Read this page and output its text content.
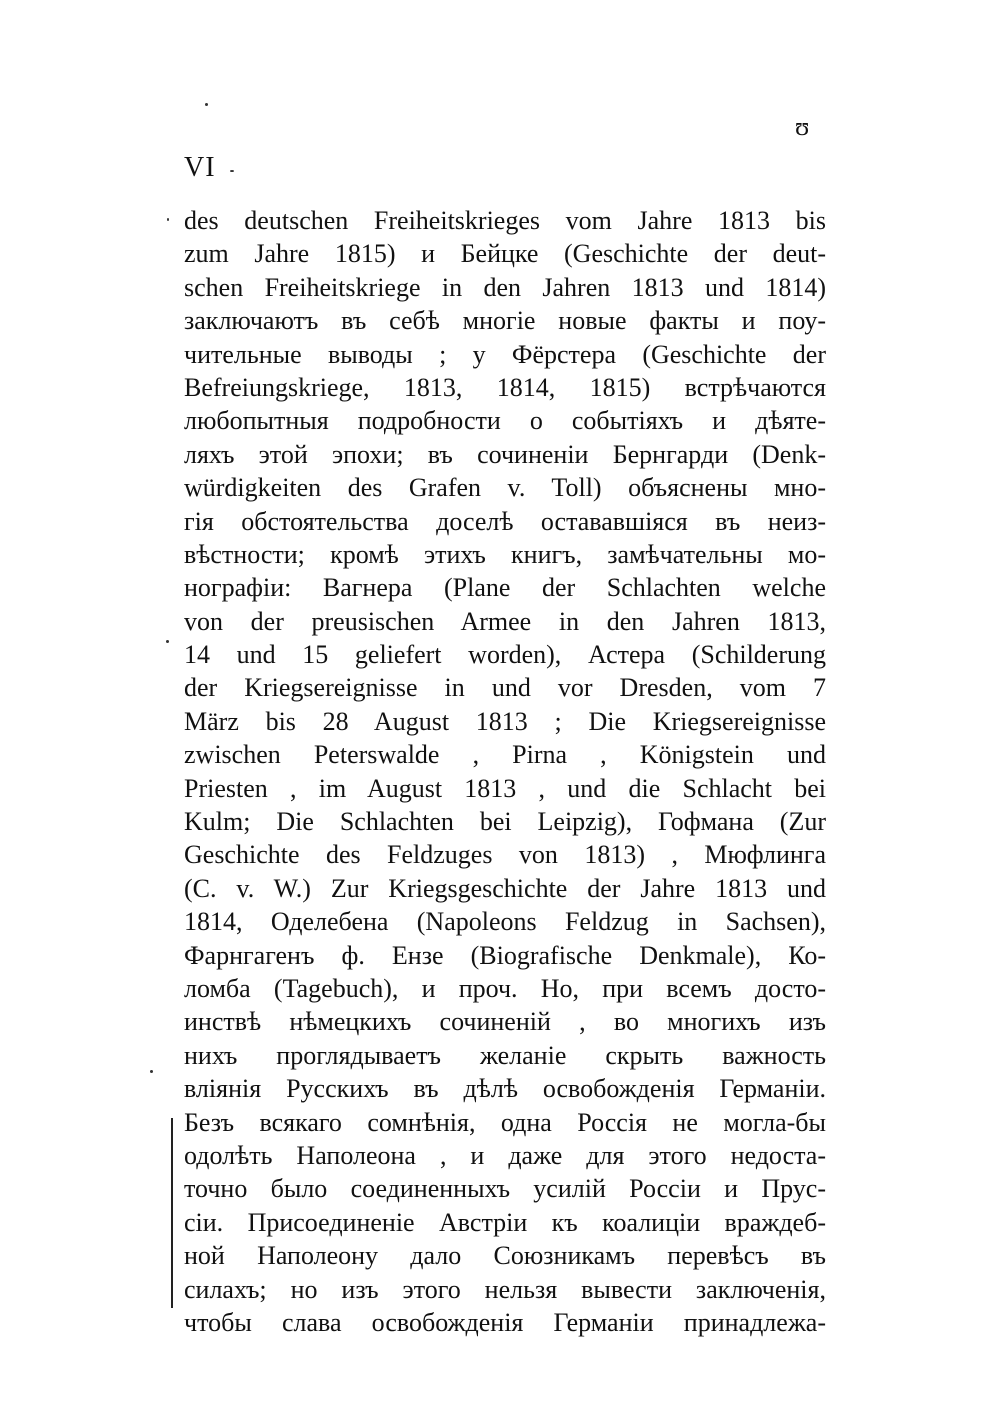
VI
ʊ
des deutschen Freiheitskrieges vom Jahre 1813 bis
zum Jahre 1815) и Бейцке (Geschichte der deut-
schen Freiheitskriege in den Jahren 1813 und 1814)
заключаютъ въ себѣ многіе новые факты и поу-
чительные выводы ; у Фёрстера (Geschichte der
Befreiungskriege, 1813, 1814, 1815) встрѣчаются
любопытныя подробности о событіяхъ и дѣяте-
ляхъ этой эпохи; въ сочиненіи Бернгарди (Denk-
würdigkeiten des Grafen v. Toll) объяснены мно-
гія обстоятельства доселѣ остававшіяся въ неиз-
вѣстности; кромѣ этихъ книгъ, замѣчательны мо-
нографіи: Вагнера (Plane der Schlachten welche
von der preusischen Armee in den Jahren 1813,
14 und 15 geliefert worden), Астера (Schilderung
der Kriegsereignisse in und vor Dresden, vom 7
März bis 28 August 1813 ; Die Kriegsereignisse
zwischen Peterswalde , Pirna , Königstein und
Priesten , im August 1813 , und die Schlacht bei
Kulm; Die Schlachten bei Leipzig), Гофмана (Zur
Geschichte des Feldzuges von 1813) , Мюфлинга
(C. v. W.) Zur Kriegsgeschichte der Jahre 1813 und
1814, Оделебена (Napoleons Feldzug in Sachsen),
Фарнгагенъ ф. Ензе (Biografische Denkmale), Ко-
ломба (Tagebuch), и проч. Но, при всемъ досто-
инствѣ нѣмецкихъ сочиненій , во многихъ изъ
нихъ проглядываетъ желаніе скрыть важность
вліянія Русскихъ въ дѣлѣ освобожденія Германіи.
Безъ всякаго сомнѣнія, одна Россія не могла-бы
одолѣть Наполеона , и даже для этого недоста-
точно было соединенныхъ усилій Россіи и Прус-
сіи. Присоединеніе Австріи къ коалиціи враждеб-
ной Наполеону дало Союзникамъ перевѣсъ въ
силахъ; но изъ этого нельзя вывести заключенія,
чтобы слава освобожденія Германіи принадлежа-
